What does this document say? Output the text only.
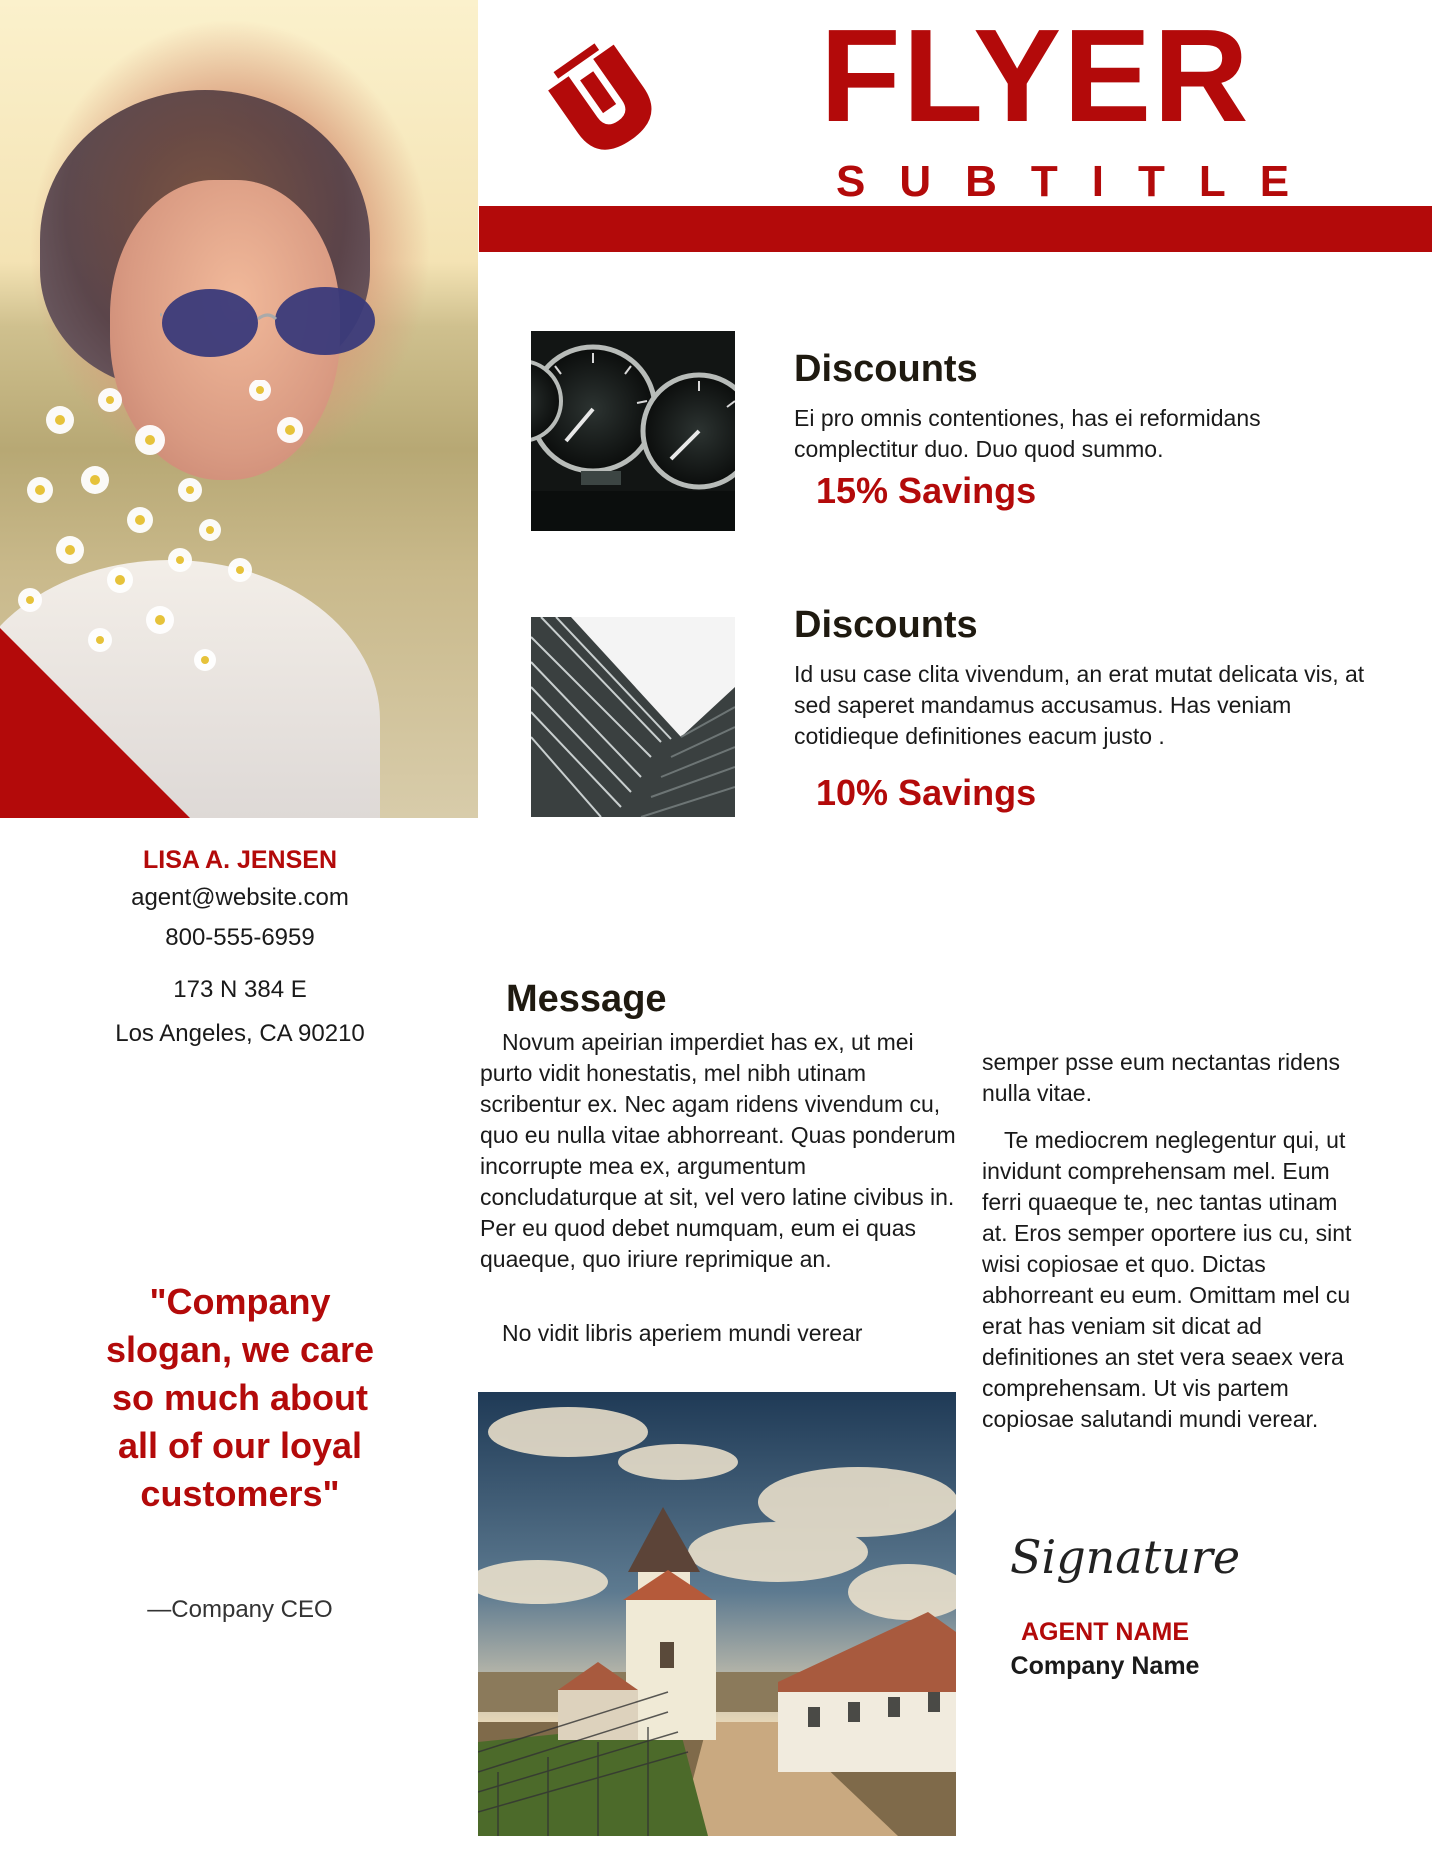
FLYER
SUBTITLE
Discounts
Ei pro omnis contentiones, has ei reformidans complectitur duo. Duo quod summo.
15% Savings
Discounts
Id usu case clita vivendum, an erat mutat delicata vis, at sed saperet mandamus accusamus. Has veniam cotidieque definitiones eacum justo .
10% Savings
LISA A. JENSEN
agent@website.com
800-555-6959
173 N 384 E
Los Angeles, CA 90210
"Company slogan, we care so much about all of our loyal customers"
—Company CEO
Message

Novum apeirian imperdiet has ex, ut mei purto vidit honestatis, mel nibh utinam scribentur ex. Nec agam ridens vivendum cu, quo eu nulla vitae abhorreant. Quas ponderum incorrupte mea ex, argumentum concludaturque at sit, vel vero latine civibus in. Per eu quod debet numquam, eum ei quas quaeque, quo iriure reprimique an.

No vidit libris aperiem mundi verear

semper psse eum nectantas ridens nulla vitae.

Te mediocrem neglegentur qui, ut invidunt comprehensam mel. Eum ferri quaeque te, nec tantas utinam at. Eros semper oportere ius cu, sint wisi copiosae et quo. Dictas abhorreant eu eum. Omittam mel cu erat has veniam sit dicat ad definitiones an stet vera seaex vera comprehensam. Ut vis partem copiosae salutandi mundi verear.

Signature
AGENT NAME
Company Name
